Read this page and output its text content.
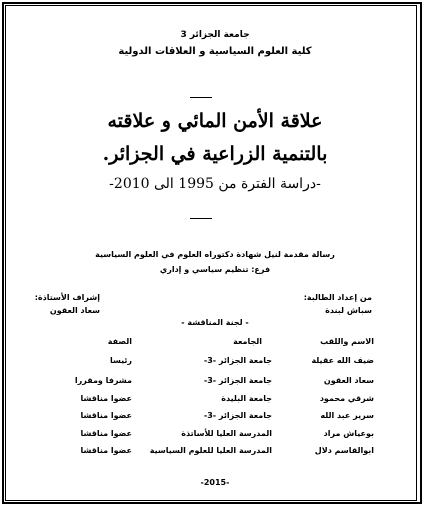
جامعة الجزائر 3
كلية العلوم السياسية و العلاقات الدولية
علاقة الأمن المائي و علاقته
بالتنمية الزراعية في الجزائر.
-دراسة الفترة من 1995 الى 2010-
رسالة مقدمة لنيل شهادة دكتوراه العلوم في العلوم السياسية
فرع: تنظيم سياسي و إداري
من إعداد الطالبة:
سباش لبندة
إشراف الأستاذة:
سعاد العقون
- لجنة المناقشة -
الاسم واللقب
الجامعة
الصفة
ضيف الله عقيلة
جامعة الجزائر -3-
رئيسا
سعاد العقون
جامعة الجزائر -3-
مشرفا ومقررا
شرقي محمود
جامعة البليدة
عضوا مناقشا
سرير عبد الله
جامعة الجزائر -3-
عضوا مناقشا
بوعياش مراد
المدرسة العليا للأساتذة
عضوا مناقشا
ابوالقاسم دلال
المدرسة العليا للعلوم السياسية
عضوا مناقشا
-2015-
